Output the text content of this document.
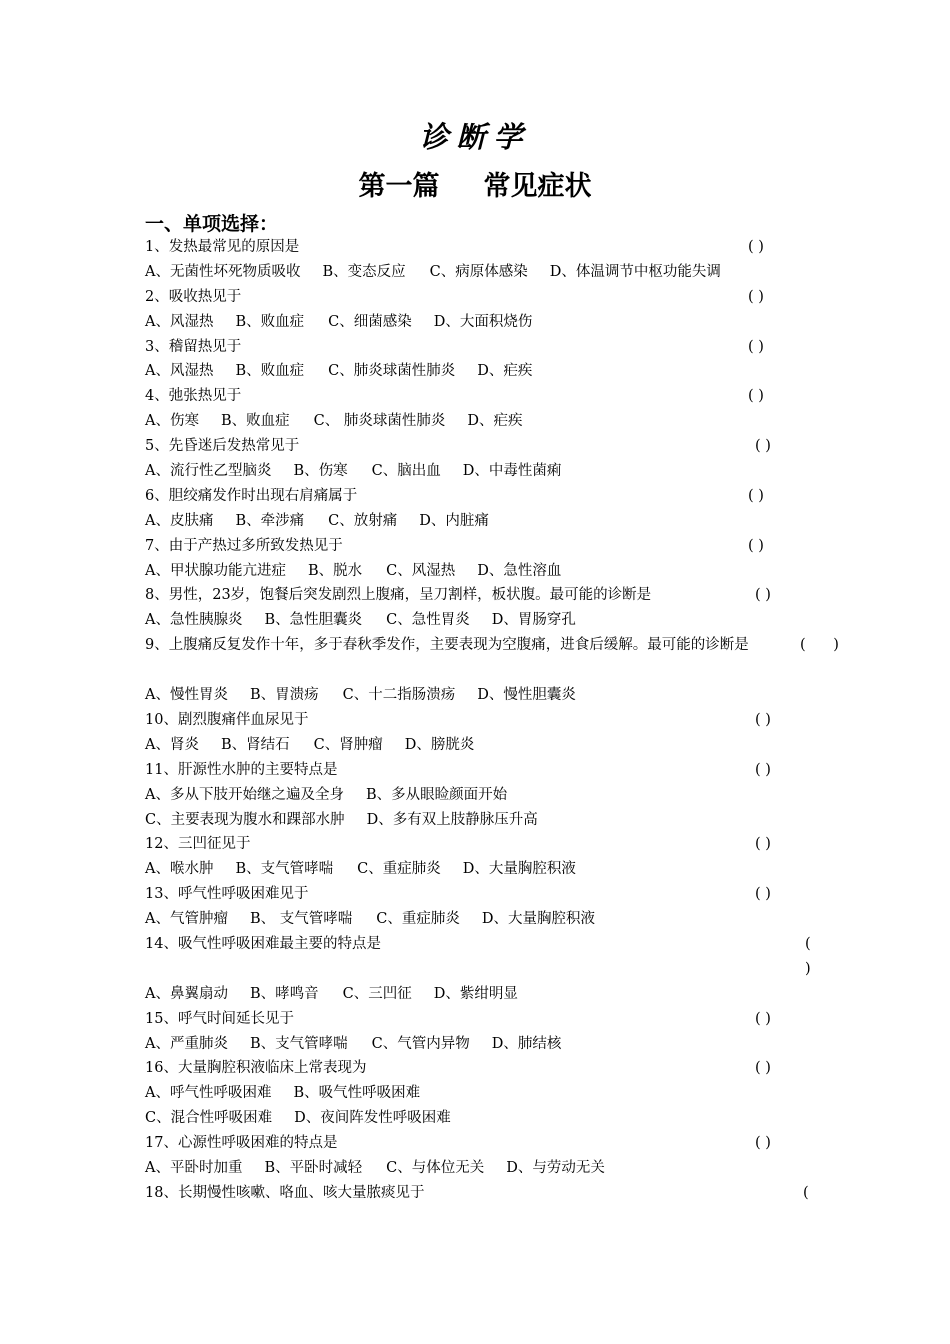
诊断学
第一篇 常见症状
一、单项选择：
1、发热最常见的原因是	( )
A、无菌性坏死物质吸收 B、变态反应 C、病原体感染 D、体温调节中枢功能失调
2、吸收热见于	( )
A、风湿热 B、败血症 C、细菌感染 D、大面积烧伤
3、稽留热见于	( )
A、风湿热 B、败血症 C、肺炎球菌性肺炎 D、疟疾
4、弛张热见于	( )
A、伤寒 B、败血症 C、 肺炎球菌性肺炎 D、疟疾
5、先昏迷后发热常见于	( )
A、流行性乙型脑炎 B、伤寒 C、脑出血 D、中毒性菌痢
6、胆绞痛发作时出现右肩痛属于	( )
A、皮肤痛 B、牵涉痛 C、放射痛 D、内脏痛
7、由于产热过多所致发热见于	( )
A、甲状腺功能亢进症 B、脱水 C、风湿热 D、急性溶血
8、男性，23岁，饱餐后突发剧烈上腹痛，呈刀割样，板状腹。最可能的诊断是	( )
A、急性胰腺炎 B、急性胆囊炎 C、急性胃炎 D、胃肠穿孔
9、上腹痛反复发作十年，多于春秋季发作，主要表现为空腹痛，进食后缓解。最可能的诊断是	(      )
A、慢性胃炎 B、胃溃疡 C、十二指肠溃疡 D、慢性胆囊炎
10、剧烈腹痛伴血尿见于	( )
A、肾炎 B、肾结石 C、肾肿瘤 D、膀胱炎
11、肝源性水肿的主要特点是	( )
A、多从下肢开始继之遍及全身 B、多从眼睑颜面开始
C、主要表现为腹水和踝部水肿 D、多有双上肢静脉压升高
12、三凹征见于	( )
A、喉水肿 B、支气管哮喘 C、重症肺炎 D、大量胸腔积液
13、呼气性呼吸困难见于	( )
A、气管肿瘤 B、 支气管哮喘 C、重症肺炎 D、大量胸腔积液
14、吸气性呼吸困难最主要的特点是	( )
A、鼻翼扇动 B、哮鸣音 C、三凹征 D、紫绀明显
15、呼气时间延长见于	( )
A、严重肺炎 B、支气管哮喘 C、气管内异物 D、肺结核
16、大量胸腔积液临床上常表现为	( )
A、呼气性呼吸困难 B、吸气性呼吸困难
C、混合性呼吸困难 D、夜间阵发性呼吸困难
17、心源性呼吸困难的特点是	( )
A、平卧时加重 B、平卧时减轻 C、与体位无关 D、与劳动无关
18、长期慢性咳嗽、咯血、咳大量脓痰见于	(
